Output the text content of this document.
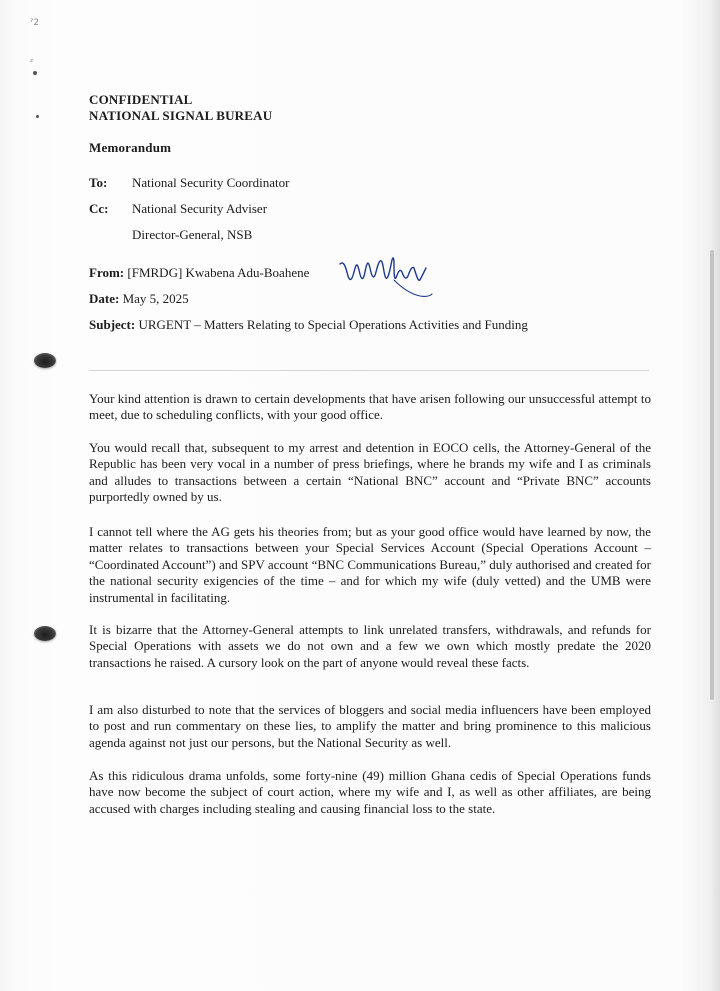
ˀ2
ᶻ
CONFIDENTIAL
NATIONAL SIGNAL BUREAU
Memorandum
To: National Security Coordinator
Cc: National Security Adviser
Director-General, NSB
From: [FMRDG] Kwabena Adu-Boahene
Date: May 5, 2025
Subject: URGENT – Matters Relating to Special Operations Activities and Funding
Your kind attention is drawn to certain developments that have arisen following our unsuccessful attempt to meet, due to scheduling conflicts, with your good office.
You would recall that, subsequent to my arrest and detention in EOCO cells, the Attorney-General of the Republic has been very vocal in a number of press briefings, where he brands my wife and I as criminals and alludes to transactions between a certain “National BNC” account and “Private BNC” accounts purportedly owned by us.
I cannot tell where the AG gets his theories from; but as your good office would have learned by now, the matter relates to transactions between your Special Services Account (Special Operations Account – “Coordinated Account”) and SPV account “BNC Communications Bureau,” duly authorised and created for the national security exigencies of the time – and for which my wife (duly vetted) and the UMB were instrumental in facilitating.
It is bizarre that the Attorney-General attempts to link unrelated transfers, withdrawals, and refunds for Special Operations with assets we do not own and a few we own which mostly predate the 2020 transactions he raised. A cursory look on the part of anyone would reveal these facts.
I am also disturbed to note that the services of bloggers and social media influencers have been employed to post and run commentary on these lies, to amplify the matter and bring prominence to this malicious agenda against not just our persons, but the National Security as well.
As this ridiculous drama unfolds, some forty-nine (49) million Ghana cedis of Special Operations funds have now become the subject of court action, where my wife and I, as well as other affiliates, are being accused with charges including stealing and causing financial loss to the state.
